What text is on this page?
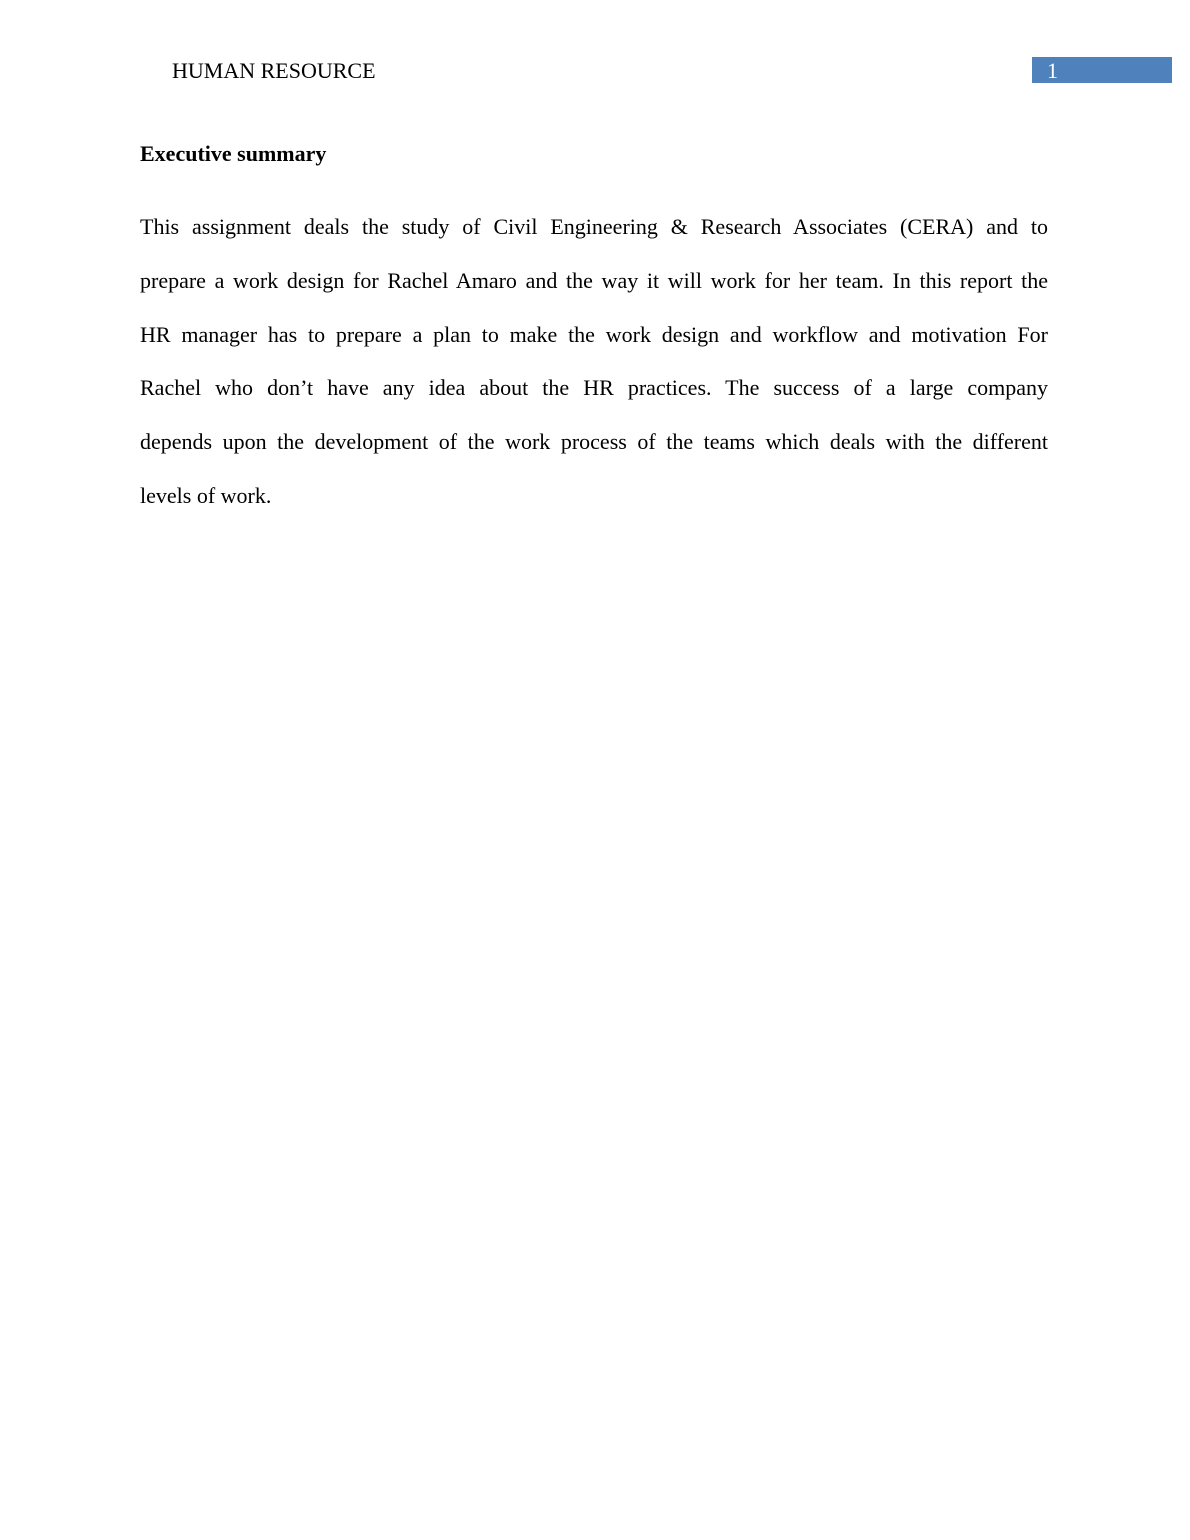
HUMAN RESOURCE	1
Executive summary

This assignment deals the study of Civil Engineering & Research Associates (CERA) and to
prepare a work design for Rachel Amaro and the way it will work for her team. In this report the
HR manager has to prepare a plan to make the work design and workflow and motivation For
Rachel who don’t have any idea about the HR practices. The success of a large company
depends upon the development of the work process of the teams which deals with the different
levels of work.
